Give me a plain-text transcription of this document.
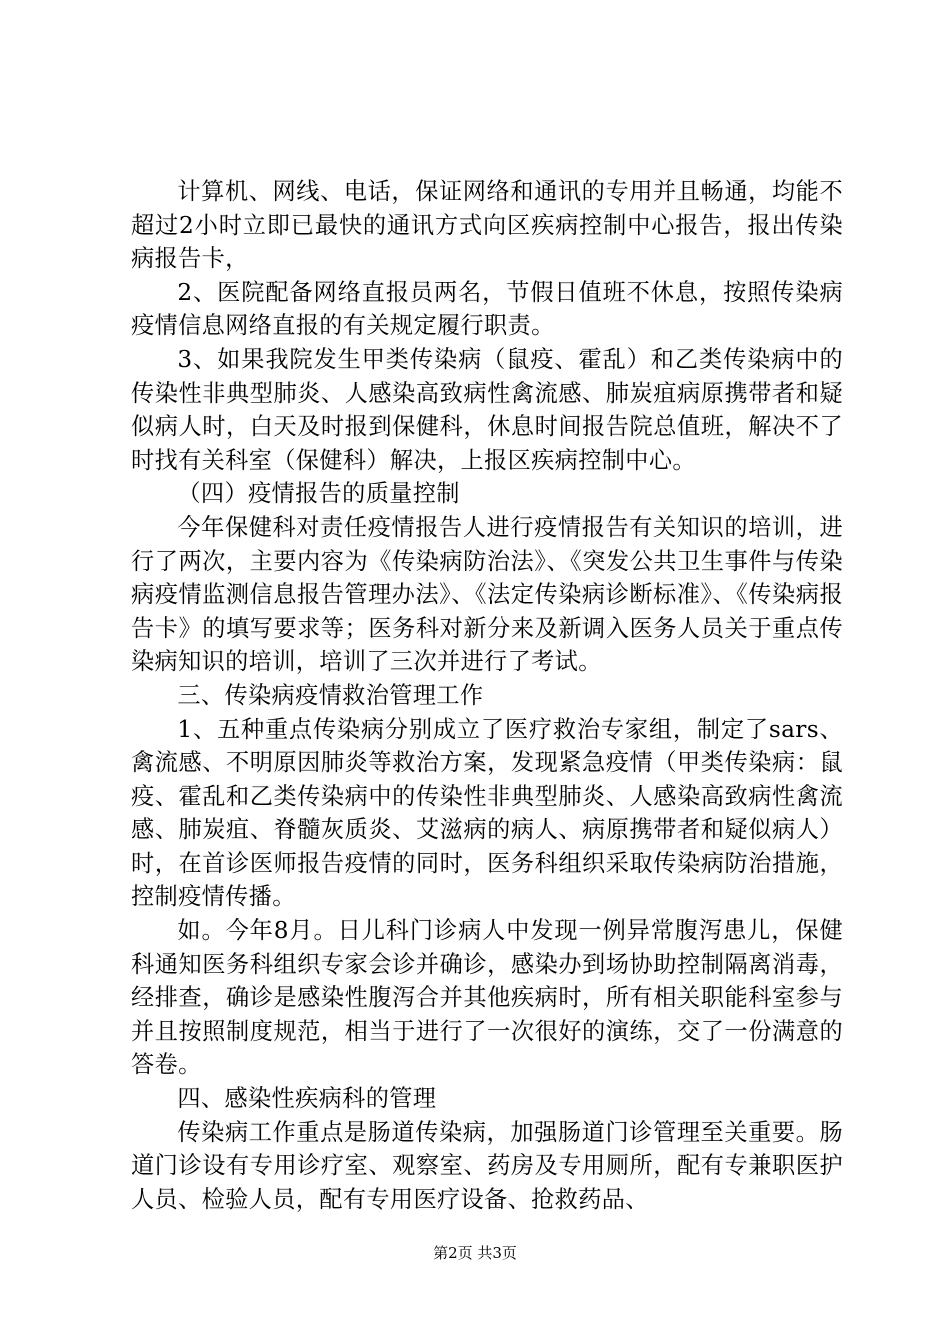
计算机、网线、电话，保证网络和通讯的专用并且畅通，均能不超过2小时立即已最快的通讯方式向区疾病控制中心报告，报出传染病报告卡，

2、医院配备网络直报员两名，节假日值班不休息，按照传染病疫情信息网络直报的有关规定履行职责。

3、如果我院发生甲类传染病（鼠疫、霍乱）和乙类传染病中的传染性非典型肺炎、人感染高致病性禽流感、肺炭疽病原携带者和疑似病人时，白天及时报到保健科，休息时间报告院总值班，解决不了时找有关科室（保健科）解决，上报区疾病控制中心。

（四）疫情报告的质量控制

今年保健科对责任疫情报告人进行疫情报告有关知识的培训，进行了两次，主要内容为《传染病防治法》、《突发公共卫生事件与传染病疫情监测信息报告管理办法》、《法定传染病诊断标准》、《传染病报告卡》的填写要求等；医务科对新分来及新调入医务人员关于重点传染病知识的培训，培训了三次并进行了考试。

三、传染病疫情救治管理工作

1、五种重点传染病分别成立了医疗救治专家组，制定了sars、禽流感、不明原因肺炎等救治方案，发现紧急疫情（甲类传染病：鼠疫、霍乱和乙类传染病中的传染性非典型肺炎、人感染高致病性禽流感、肺炭疽、脊髓灰质炎、艾滋病的病人、病原携带者和疑似病人）时，在首诊医师报告疫情的同时，医务科组织采取传染病防治措施，控制疫情传播。

如。今年8月。日儿科门诊病人中发现一例异常腹泻患儿，保健科通知医务科组织专家会诊并确诊，感染办到场协助控制隔离消毒，经排查，确诊是感染性腹泻合并其他疾病时，所有相关职能科室参与并且按照制度规范，相当于进行了一次很好的演练，交了一份满意的答卷。

四、感染性疾病科的管理

传染病工作重点是肠道传染病，加强肠道门诊管理至关重要。肠道门诊设有专用诊疗室、观察室、药房及专用厕所，配有专兼职医护人员、检验人员，配有专用医疗设备、抢救药品、

第2页 共3页
